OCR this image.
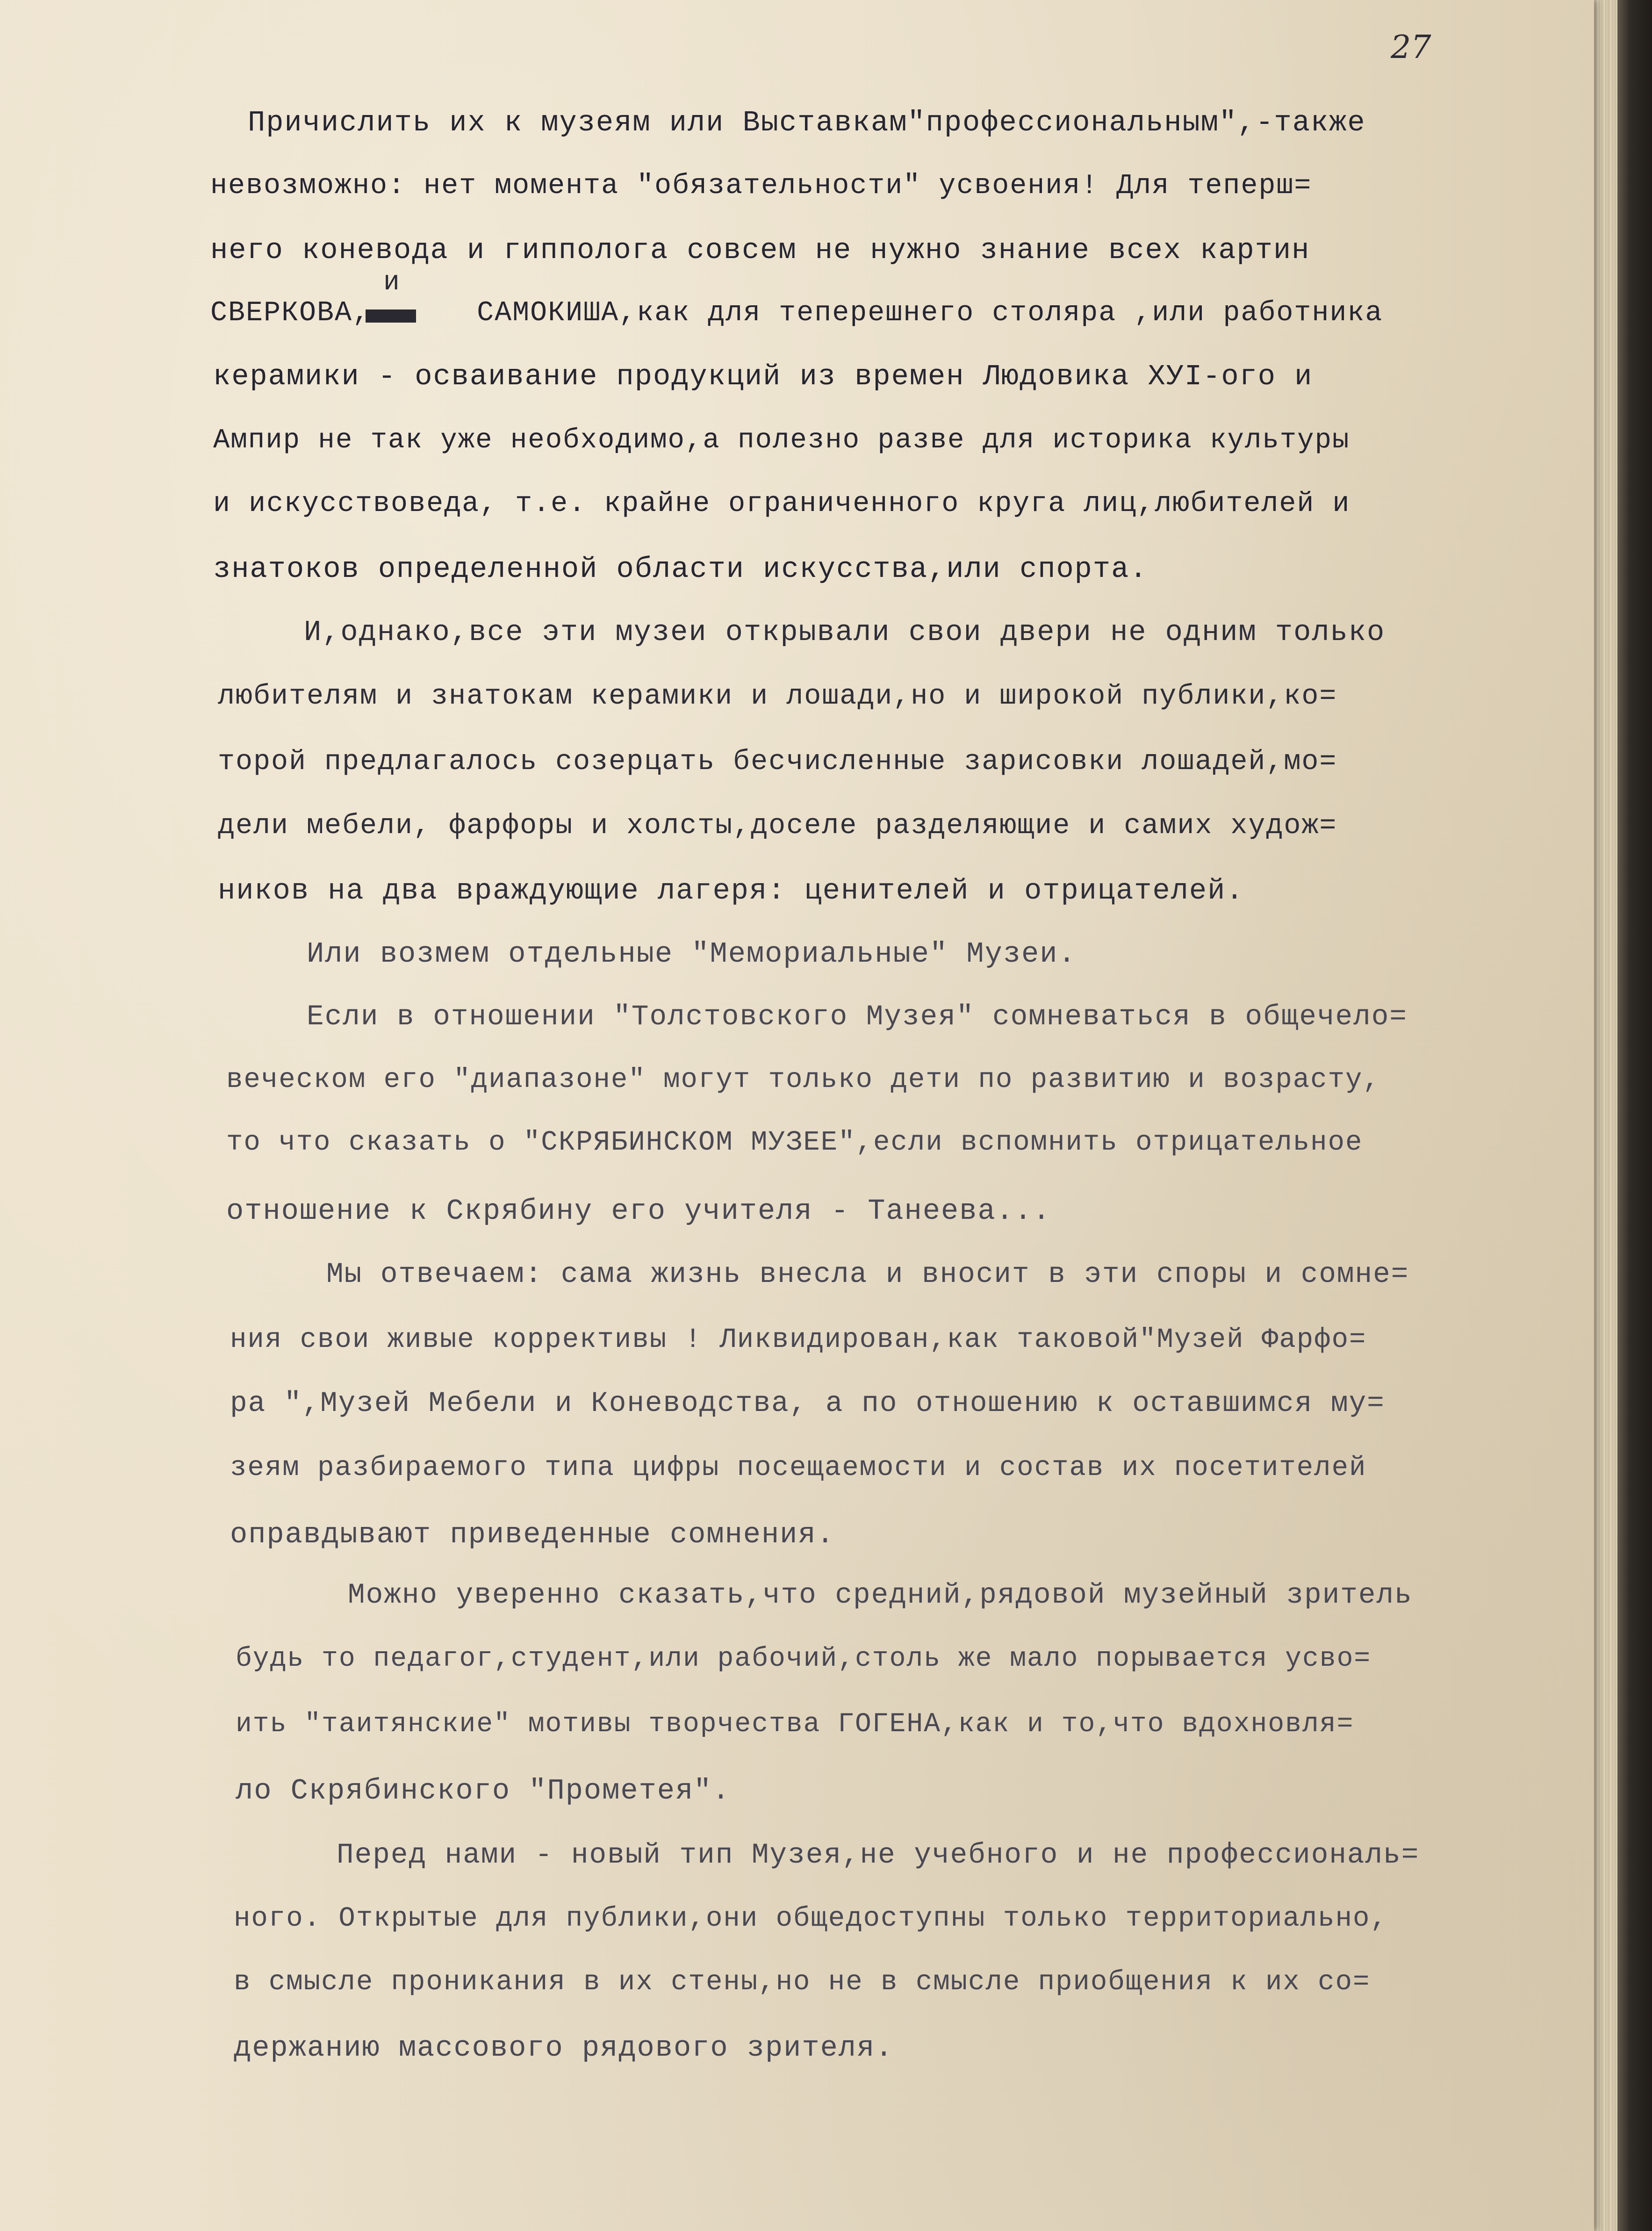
27
и
Причислить их к музеям или Выставкам"профессиональным",-также
невозможно: нет момента "обязательности" усвоения! Для теперш=
него коневода и гипполога совсем не нужно знание всех картин
СВЕРКОВА,      САМОКИША,как для теперешнего столяра ,или работника
керамики - осваивание продукций из времен Людовика ХУI-ого и
Ампир не так уже необходимо,а полезно разве для историка культуры
и искусствоведа, т.е. крайне ограниченного круга лиц,любителей и
знатоков определенной области искусства,или спорта.
И,однако,все эти музеи открывали свои двери не одним только
любителям и знатокам керамики и лошади,но и широкой публики,ко=
торой предлагалось созерцать бесчисленные зарисовки лошадей,мо=
дели мебели, фарфоры и холсты,доселе разделяющие и самих худож=
ников на два враждующие лагеря: ценителей и отрицателей.
Или возмем отдельные "Мемориальные" Музеи.
Если в отношении "Толстовского Музея" сомневаться в общечело=
веческом его "диапазоне" могут только дети по развитию и возрасту,
то что сказать о "СКРЯБИНСКОМ МУЗЕЕ",если вспомнить отрицательное
отношение к Скрябину его учителя - Танеева...
Мы отвечаем: сама жизнь внесла и вносит в эти споры и сомне=
ния свои живые коррективы ! Ликвидирован,как таковой"Музей Фарфо=
ра ",Музей Мебели и Коневодства, а по отношению к оставшимся му=
зеям разбираемого типа цифры посещаемости и состав их посетителей
оправдывают приведенные сомнения.
Можно уверенно сказать,что средний,рядовой музейный зритель
будь то педагог,студент,или рабочий,столь же мало порывается усво=
ить "таитянские" мотивы творчества ГОГЕНА,как и то,что вдохновля=
ло Скрябинского "Прометея".
Перед нами - новый тип Музея,не учебного и не профессиональ=
ного. Открытые для публики,они общедоступны только территориально,
в смысле проникания в их стены,но не в смысле приобщения к их со=
держанию массового рядового зрителя.
